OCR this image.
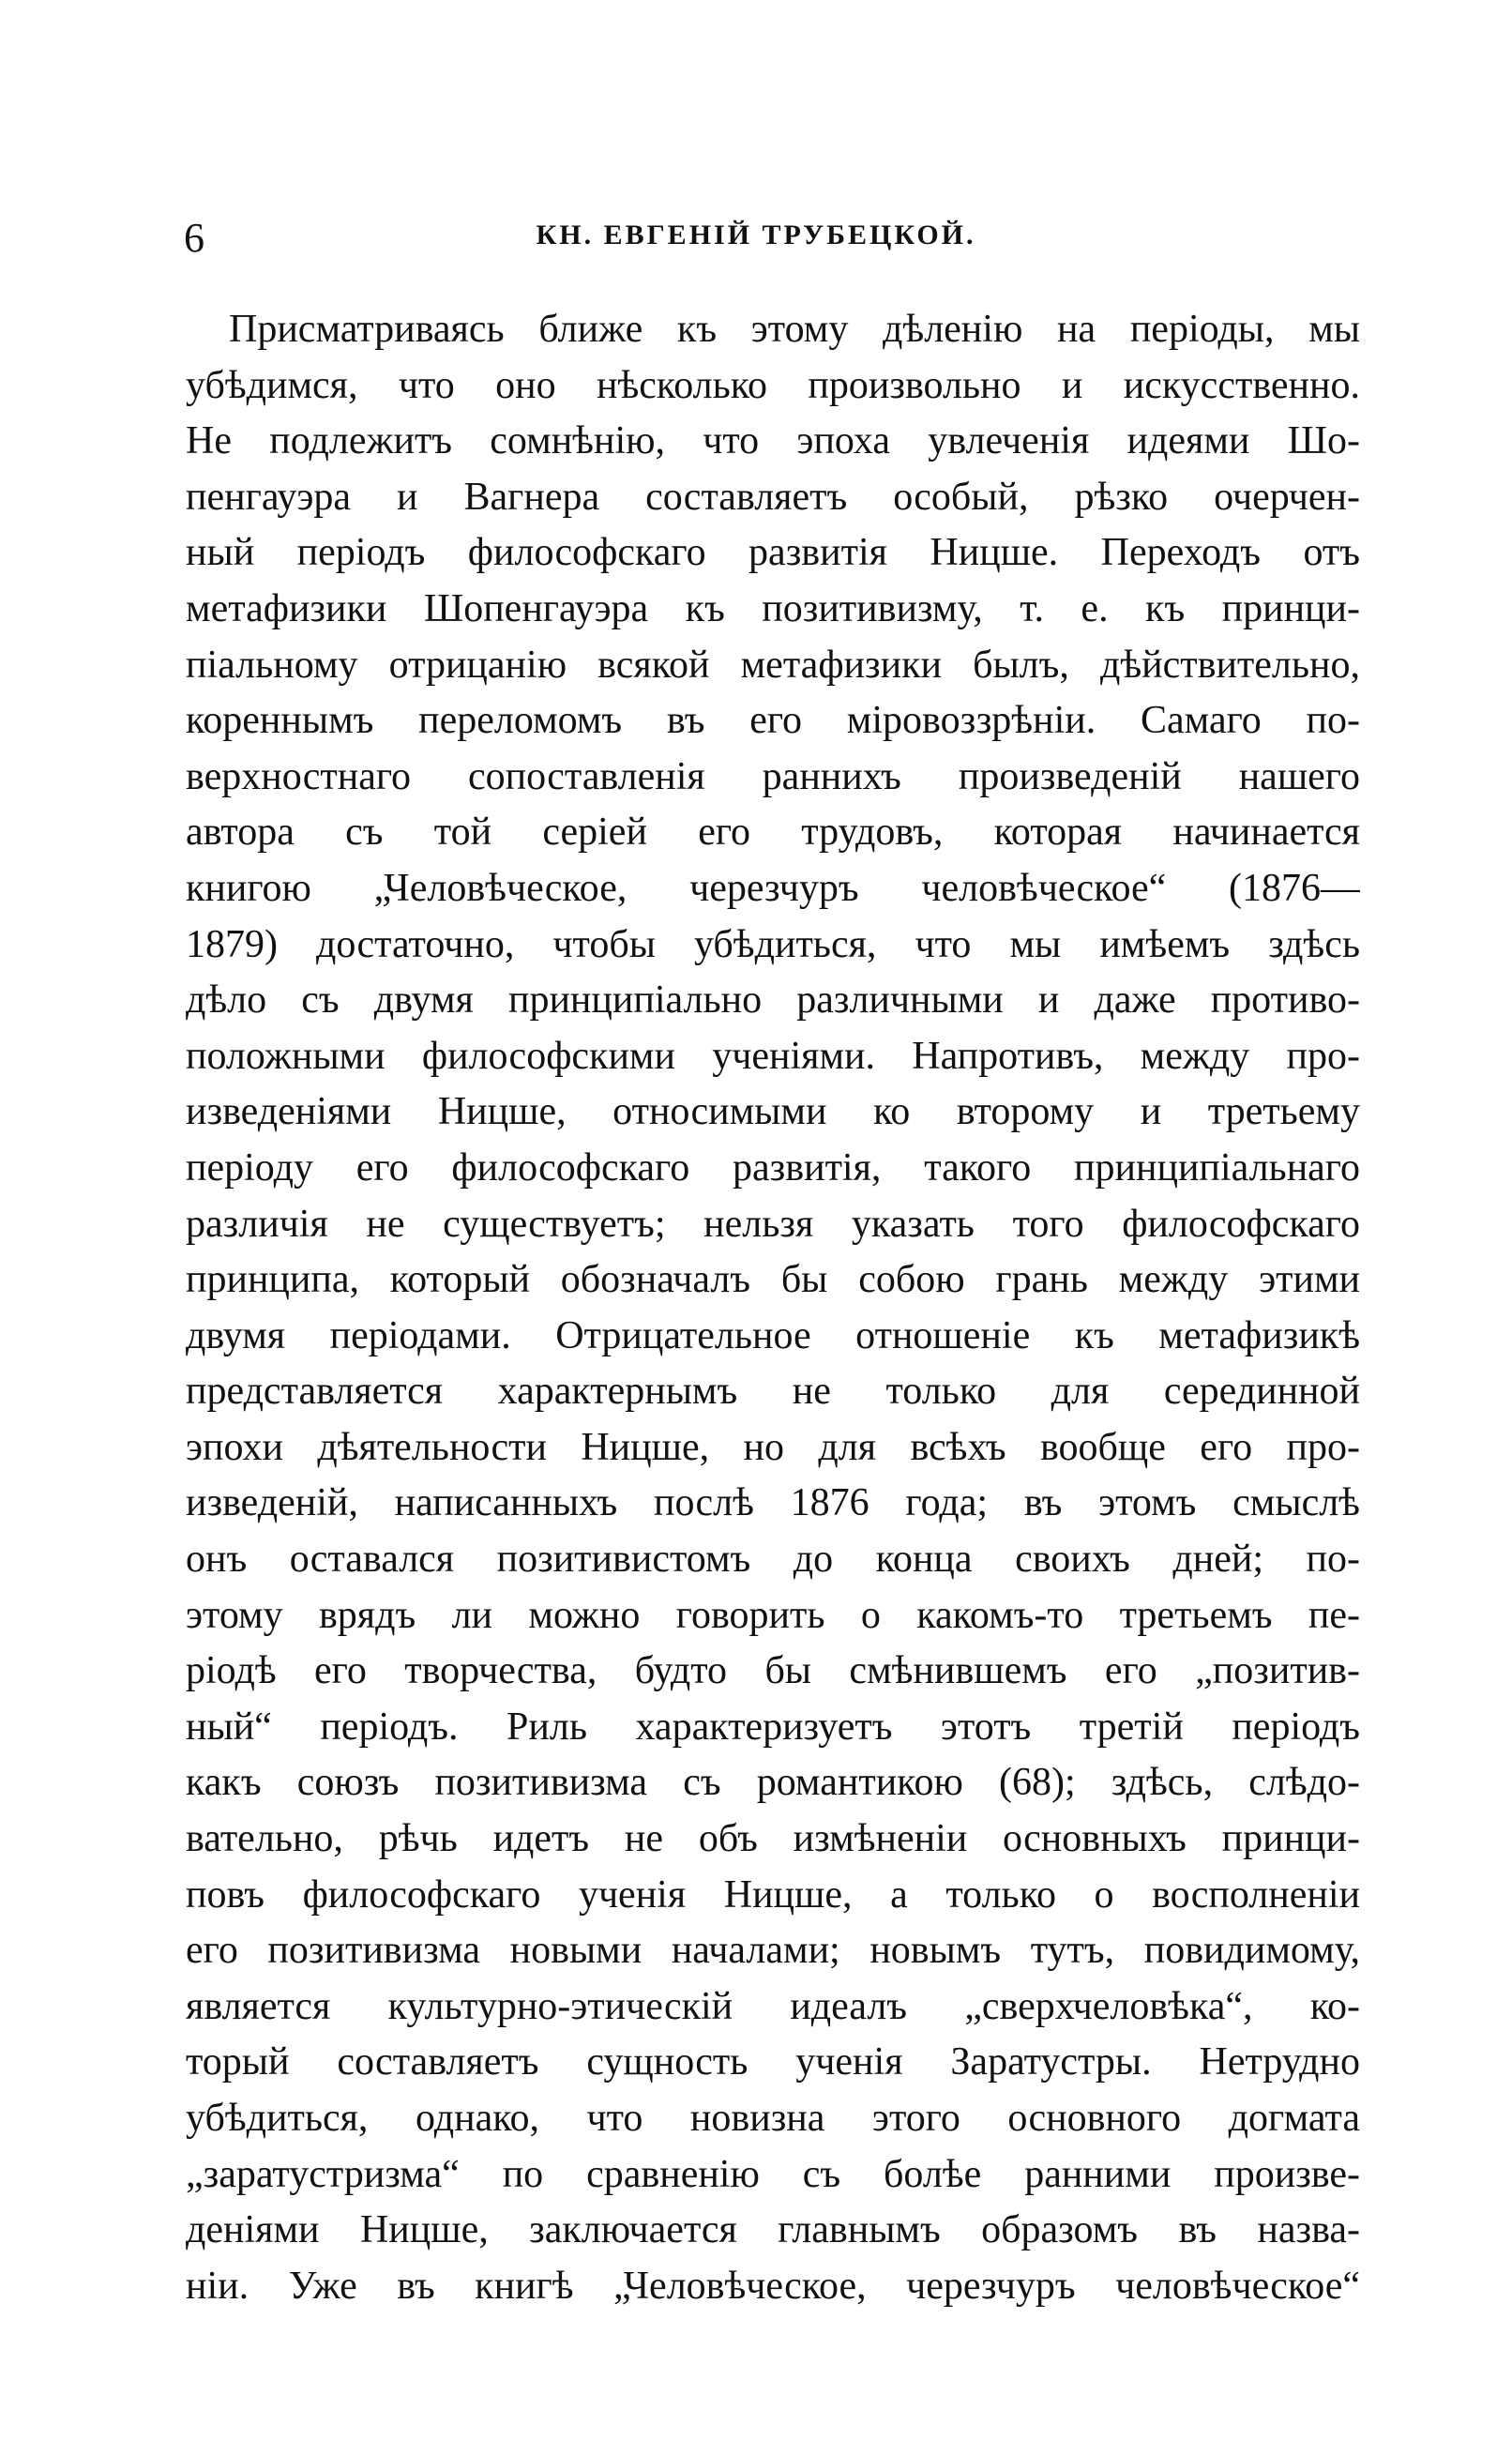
6	КН. ЕВГЕНІЙ ТРУБЕЦКОЙ.
Присматриваясь ближе къ этому дѣленію на періоды, мы
убѣдимся, что оно нѣсколько произвольно и искусственно.
Не подлежитъ сомнѣнію, что эпоха увлеченія идеями Шо-
пенгауэра и Вагнера составляетъ особый, рѣзко очерчен-
ный періодъ философскаго развитія Ницше. Переходъ отъ
метафизики Шопенгауэра къ позитивизму, т. е. къ принци-
піальному отрицанію всякой метафизики былъ, дѣйствительно,
кореннымъ переломомъ въ его міровоззрѣніи. Самаго по-
верхностнаго сопоставленія раннихъ произведеній нашего
автора съ той серіей его трудовъ, которая начинается
книгою „Человѣческое, черезчуръ человѣческое“ (1876—
1879) достаточно, чтобы убѣдиться, что мы имѣемъ здѣсь
дѣло съ двумя принципіально различными и даже противо-
положными философскими ученіями. Напротивъ, между про-
изведеніями Ницше, относимыми ко второму и третьему
періоду его философскаго развитія, такого принципіальнаго
различія не существуетъ; нельзя указать того философскаго
принципа, который обозначалъ бы собою грань между этими
двумя періодами. Отрицательное отношеніе къ метафизикѣ
представляется характернымъ не только для серединной
эпохи дѣятельности Ницше, но для всѣхъ вообще его про-
изведеній, написанныхъ послѣ 1876 года; въ этомъ смыслѣ
онъ оставался позитивистомъ до конца своихъ дней; по-
этому врядъ ли можно говорить о какомъ-то третьемъ пе-
ріодѣ его творчества, будто бы смѣнившемъ его „позитив-
ный“ періодъ. Риль характеризуетъ этотъ третій періодъ
какъ союзъ позитивизма съ романтикою (68); здѣсь, слѣдо-
вательно, рѣчь идетъ не объ измѣненіи основныхъ принци-
повъ философскаго ученія Ницше, а только о восполненіи
его позитивизма новыми началами; новымъ тутъ, повидимому,
является культурно-этическій идеалъ „сверхчеловѣка“, ко-
торый составляетъ сущность ученія Заратустры. Нетрудно
убѣдиться, однако, что новизна этого основного догмата
„заратустризма“ по сравненію съ болѣе ранними произве-
деніями Ницше, заключается главнымъ образомъ въ назва-
ніи. Уже въ книгѣ „Человѣческое, черезчуръ человѣческое“
